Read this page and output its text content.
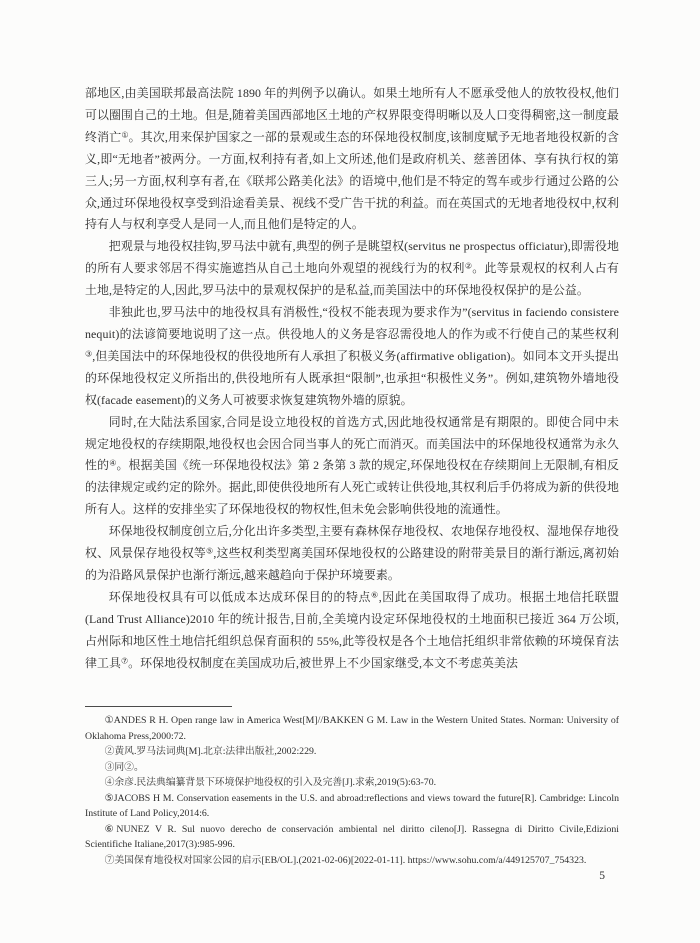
部地区,由美国联邦最高法院 1890 年的判例予以确认。如果土地所有人不愿承受他人的放牧役权,他们可以圈围自己的土地。但是,随着美国西部地区土地的产权界限变得明晰以及人口变得稠密,这一制度最终消亡①。其次,用来保护国家之一部的景观或生态的环保地役权制度,该制度赋予无地者地役权新的含义,即“无地者”被两分。一方面,权利持有者,如上文所述,他们是政府机关、慈善团体、享有执行权的第三人;另一方面,权利享有者,在《联邦公路美化法》的语境中,他们是不特定的驾车或步行通过公路的公众,通过环保地役权享受到沿途看美景、视线不受广告干扰的利益。而在英国式的无地者地役权中,权利持有人与权利享受人是同一人,而且他们是特定的人。

把观景与地役权挂钩,罗马法中就有,典型的例子是眺望权(servitus ne prospectus officiatur),即需役地的所有人要求邻居不得实施遮挡从自己土地向外观望的视线行为的权利②。此等景观权的权利人占有土地,是特定的人,因此,罗马法中的景观权保护的是私益,而美国法中的环保地役权保护的是公益。

非独此也,罗马法中的地役权具有消极性,“役权不能表现为要求作为”(servitus in faciendo consistere nequit)的法谚简要地说明了这一点。供役地人的义务是容忍需役地人的作为或不行使自己的某些权利③,但美国法中的环保地役权的供役地所有人承担了积极义务(affirmative obligation)。如同本文开头提出的环保地役权定义所指出的,供役地所有人既承担“限制”,也承担“积极性义务”。例如,建筑物外墙地役权(facade easement)的义务人可被要求恢复建筑物外墙的原貌。

同时,在大陆法系国家,合同是设立地役权的首选方式,因此地役权通常是有期限的。即使合同中未规定地役权的存续期限,地役权也会因合同当事人的死亡而消灭。而美国法中的环保地役权通常为永久性的④。根据美国《统一环保地役权法》第 2 条第 3 款的规定,环保地役权在存续期间上无限制,有相反的法律规定或约定的除外。据此,即使供役地所有人死亡或转让供役地,其权利后手仍将成为新的供役地所有人。这样的安排坐实了环保地役权的物权性,但未免会影响供役地的流通性。

环保地役权制度创立后,分化出许多类型,主要有森林保存地役权、农地保存地役权、湿地保存地役权、风景保存地役权等⑤,这些权利类型离美国环保地役权的公路建设的附带美景目的渐行渐远,离初始的为沿路风景保护也渐行渐远,越来越趋向于保护环境要素。

环保地役权具有可以低成本达成环保目的的特点⑥,因此在美国取得了成功。根据土地信托联盟(Land Trust Alliance)2010 年的统计报告,目前,全美境内设定环保地役权的土地面积已接近 364 万公顷,占州际和地区性土地信托组织总保育面积的 55%,此等役权是各个土地信托组织非常依赖的环境保育法律工具⑦。环保地役权制度在美国成功后,被世界上不少国家继受,本文不考虑英美法

①ANDES R H. Open range law in America West[M]//BAKKEN G M. Law in the Western United States. Norman: University of Oklahoma Press,2000:72.

②黄风.罗马法词典[M].北京:法律出版社,2002:229.

③同②。

④余彦.民法典编纂背景下环境保护地役权的引入及完善[J].求索,2019(5):63-70.

⑤JACOBS H M. Conservation easements in the U.S. and abroad:reflections and views toward the future[R]. Cambridge: Lincoln Institute of Land Policy,2014:6.

⑥NUNEZ V R. Sul nuovo derecho de conservación ambiental nel diritto cileno[J]. Rassegna di Diritto Civile,Edizioni Scientifiche Italiane,2017(3):985-996.

⑦美国保育地役权对国家公园的启示[EB/OL].(2021-02-06)[2022-01-11]. https://www.sohu.com/a/449125707_754323.

5
